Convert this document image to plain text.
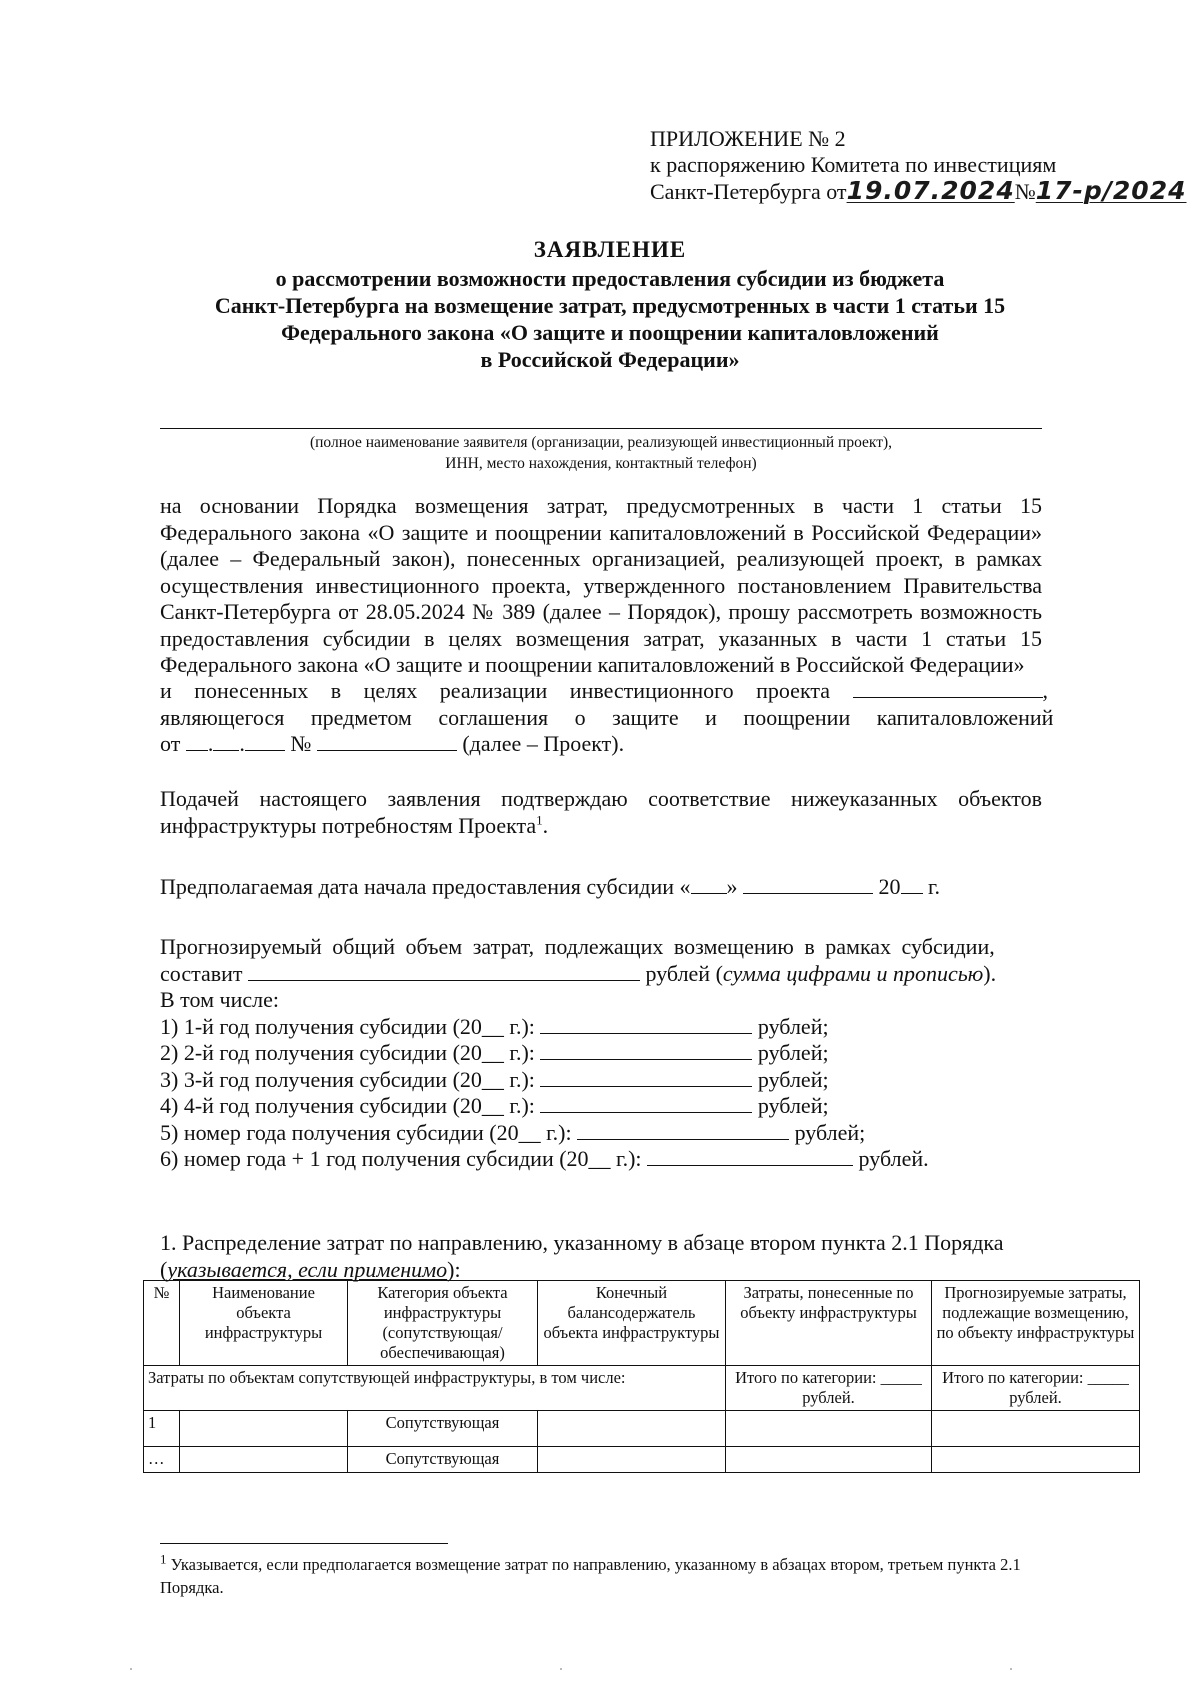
ПРИЛОЖЕНИЕ № 2
к распоряжению Комитета по инвестициям
Санкт-Петербурга от19.07.2024№17-р/2024
ЗАЯВЛЕНИЕ
о рассмотрении возможности предоставления субсидии из бюджета
Санкт-Петербурга на возмещение затрат, предусмотренных в части 1 статьи 15
Федерального закона «О защите и поощрении капиталовложений
в Российской Федерации»
(полное наименование заявителя (организации, реализующей инвестиционный проект),
ИНН, место нахождения, контактный телефон)
на основании Порядка возмещения затрат, предусмотренных в части 1 статьи 15 Федерального закона «О защите и поощрении капиталовложений в Российской Федерации» (далее – Федеральный закон), понесенных организацией, реализующей проект, в рамках осуществления инвестиционного проекта, утвержденного постановлением Правительства Санкт-Петербурга от 28.05.2024 № 389 (далее – Порядок), прошу рассмотреть возможность предоставления субсидии в целях возмещения затрат, указанных в части 1 статьи 15 Федерального закона «О защите и поощрении капиталовложений в Российской Федерации»
и понесенных в целях реализации инвестиционного проекта	,
являющегося предметом соглашения о защите и поощрении капиталовложений
от . . №	(далее – Проект).
Подачей настоящего заявления подтверждаю соответствие нижеуказанных объектов инфраструктуры потребностям Проекта$^1$.
Предполагаемая дата начала предоставления субсидии « »	20 г.
Прогнозируемый общий объем затрат, подлежащих возмещению в рамках субсидии,
составит	рублей (сумма цифрами и прописью).
В том числе:
1) 1-й год получения субсидии (20__ г.):	рублей;
2) 2-й год получения субсидии (20__ г.):	рублей;
3) 3-й год получения субсидии (20__ г.):	рублей;
4) 4-й год получения субсидии (20__ г.):	рублей;
5) номер года получения субсидии (20__ г.):	рублей;
6) номер года + 1 год получения субсидии (20__ г.):	рублей.
1. Распределение затрат по направлению, указанному в абзаце втором пункта 2.1 Порядка
(указывается, если применимо):
№	Наименование объекта инфраструктуры	Категория объекта инфраструктуры (сопутствующая/ обеспечивающая)	Конечный балансодержатель объекта инфраструктуры	Затраты, понесенные по объекту инфраструктуры	Прогнозируемые затраты, подлежащие возмещению, по объекту инфраструктуры
Затраты по объектам сопутствующей инфраструктуры, в том числе:				Итого по категории: _____ рублей.	Итого по категории: _____ рублей.
1		Сопутствующая			
…		Сопутствующая			
$^1$ Указывается, если предполагается возмещение затрат по направлению, указанному в абзацах втором, третьем пункта 2.1 Порядка.
